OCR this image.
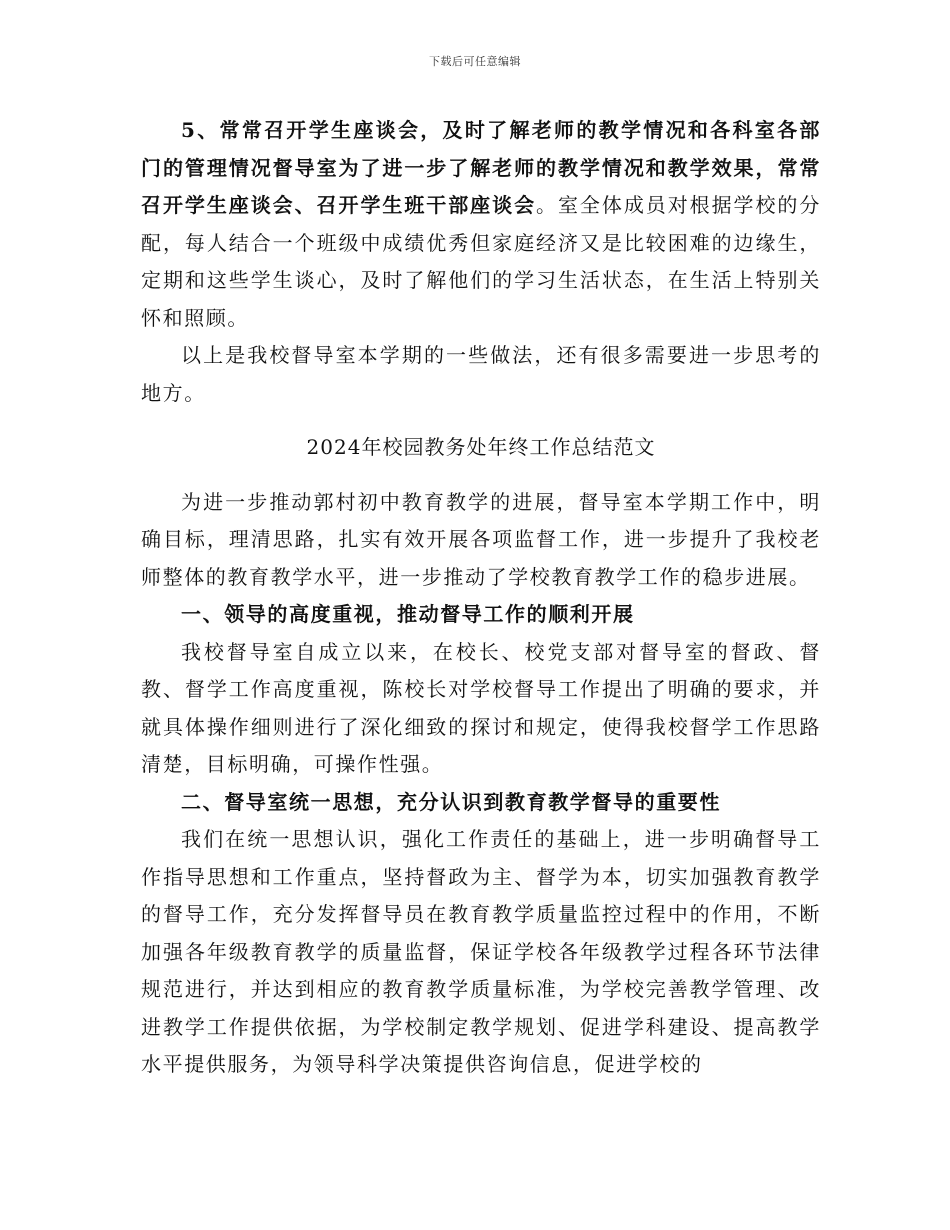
下载后可任意编辑

5、常常召开学生座谈会，及时了解老师的教学情况和各科室各部门的管理情况督导室为了进一步了解老师的教学情况和教学效果，常常召开学生座谈会、召开学生班干部座谈会。室全体成员对根据学校的分配，每人结合一个班级中成绩优秀但家庭经济又是比较困难的边缘生，定期和这些学生谈心，及时了解他们的学习生活状态，在生活上特别关怀和照顾。

以上是我校督导室本学期的一些做法，还有很多需要进一步思考的地方。

2024年校园教务处年终工作总结范文

为进一步推动郭村初中教育教学的进展，督导室本学期工作中，明确目标，理清思路，扎实有效开展各项监督工作，进一步提升了我校老师整体的教育教学水平，进一步推动了学校教育教学工作的稳步进展。

一、领导的高度重视，推动督导工作的顺利开展

我校督导室自成立以来，在校长、校党支部对督导室的督政、督教、督学工作高度重视，陈校长对学校督导工作提出了明确的要求，并就具体操作细则进行了深化细致的探讨和规定，使得我校督学工作思路清楚，目标明确，可操作性强。

二、督导室统一思想，充分认识到教育教学督导的重要性

我们在统一思想认识，强化工作责任的基础上，进一步明确督导工作指导思想和工作重点，坚持督政为主、督学为本，切实加强教育教学的督导工作，充分发挥督导员在教育教学质量监控过程中的作用，不断加强各年级教育教学的质量监督，保证学校各年级教学过程各环节法律规范进行，并达到相应的教育教学质量标准，为学校完善教学管理、改进教学工作提供依据，为学校制定教学规划、促进学科建设、提高教学水平提供服务，为领导科学决策提供咨询信息，促进学校的
